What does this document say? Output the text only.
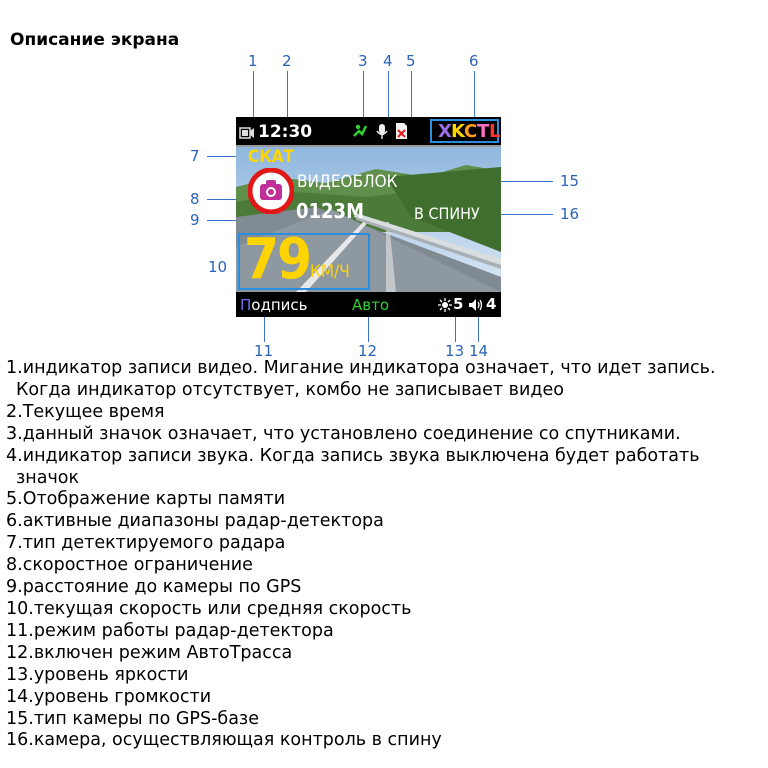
Описание экрана
1 2	3 4 5	6
7
8
9
10
11	12	13 14
15
16
12:30	X K C T L
СКАТ
ВИДЕОБЛОК
0123M	В СПИНУ
79 КМ/Ч
Подпись	Авто	5 4
1.индикатор записи видео. Мигание индикатора означает, что идет запись.
Когда индикатор отсутствует, комбо не записывает видео
2.Текущее время
3.данный значок означает, что установлено соединение со спутниками.
4.индикатор записи звука. Когда запись звука выключена будет работать
значок
5.Отображение карты памяти
6.активные диапазоны радар-детектора
7.тип детектируемого радара
8.скоростное ограничение
9.расстояние до камеры по GPS
10.текущая скорость или средняя скорость
11.режим работы радар-детектора
12.включен режим АвтоТрасса
13.уровень яркости
14.уровень громкости
15.тип камеры по GPS-базе
16.камера, осуществляющая контроль в спину
